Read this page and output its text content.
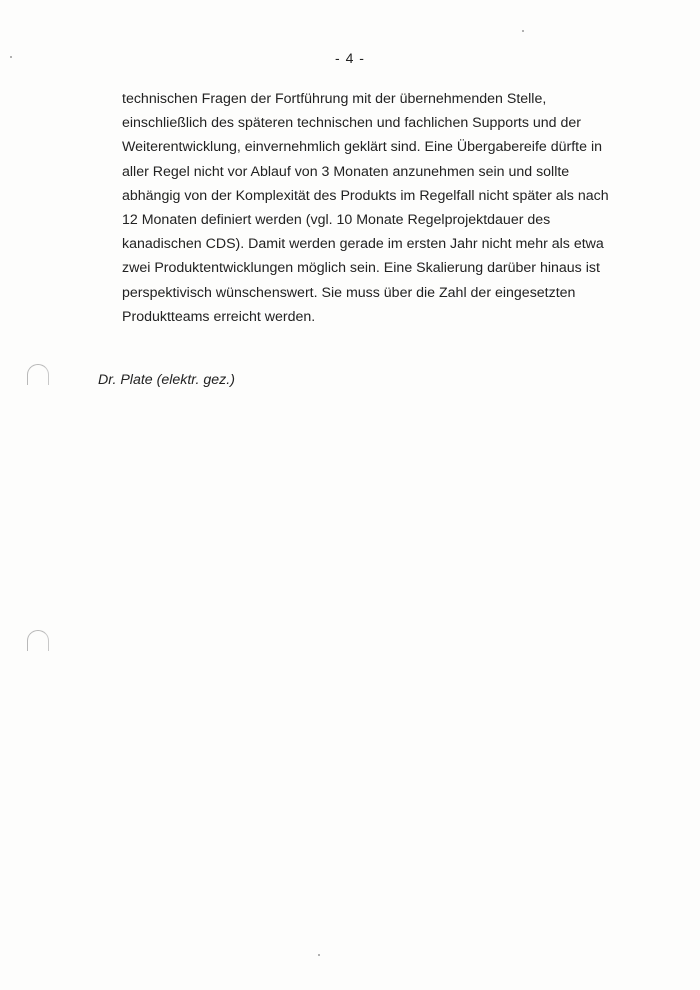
- 4 -

technischen Fragen der Fortführung mit der übernehmenden Stelle,
einschließlich des späteren technischen und fachlichen Supports und der
Weiterentwicklung, einvernehmlich geklärt sind. Eine Übergabereife dürfte in
aller Regel nicht vor Ablauf von 3 Monaten anzunehmen sein und sollte
abhängig von der Komplexität des Produkts im Regelfall nicht später als nach
12 Monaten definiert werden (vgl. 10 Monate Regelprojektdauer des
kanadischen CDS). Damit werden gerade im ersten Jahr nicht mehr als etwa
zwei Produktentwicklungen möglich sein. Eine Skalierung darüber hinaus ist
perspektivisch wünschenswert. Sie muss über die Zahl der eingesetzten
Produktteams erreicht werden.

Dr. Plate (elektr. gez.)
